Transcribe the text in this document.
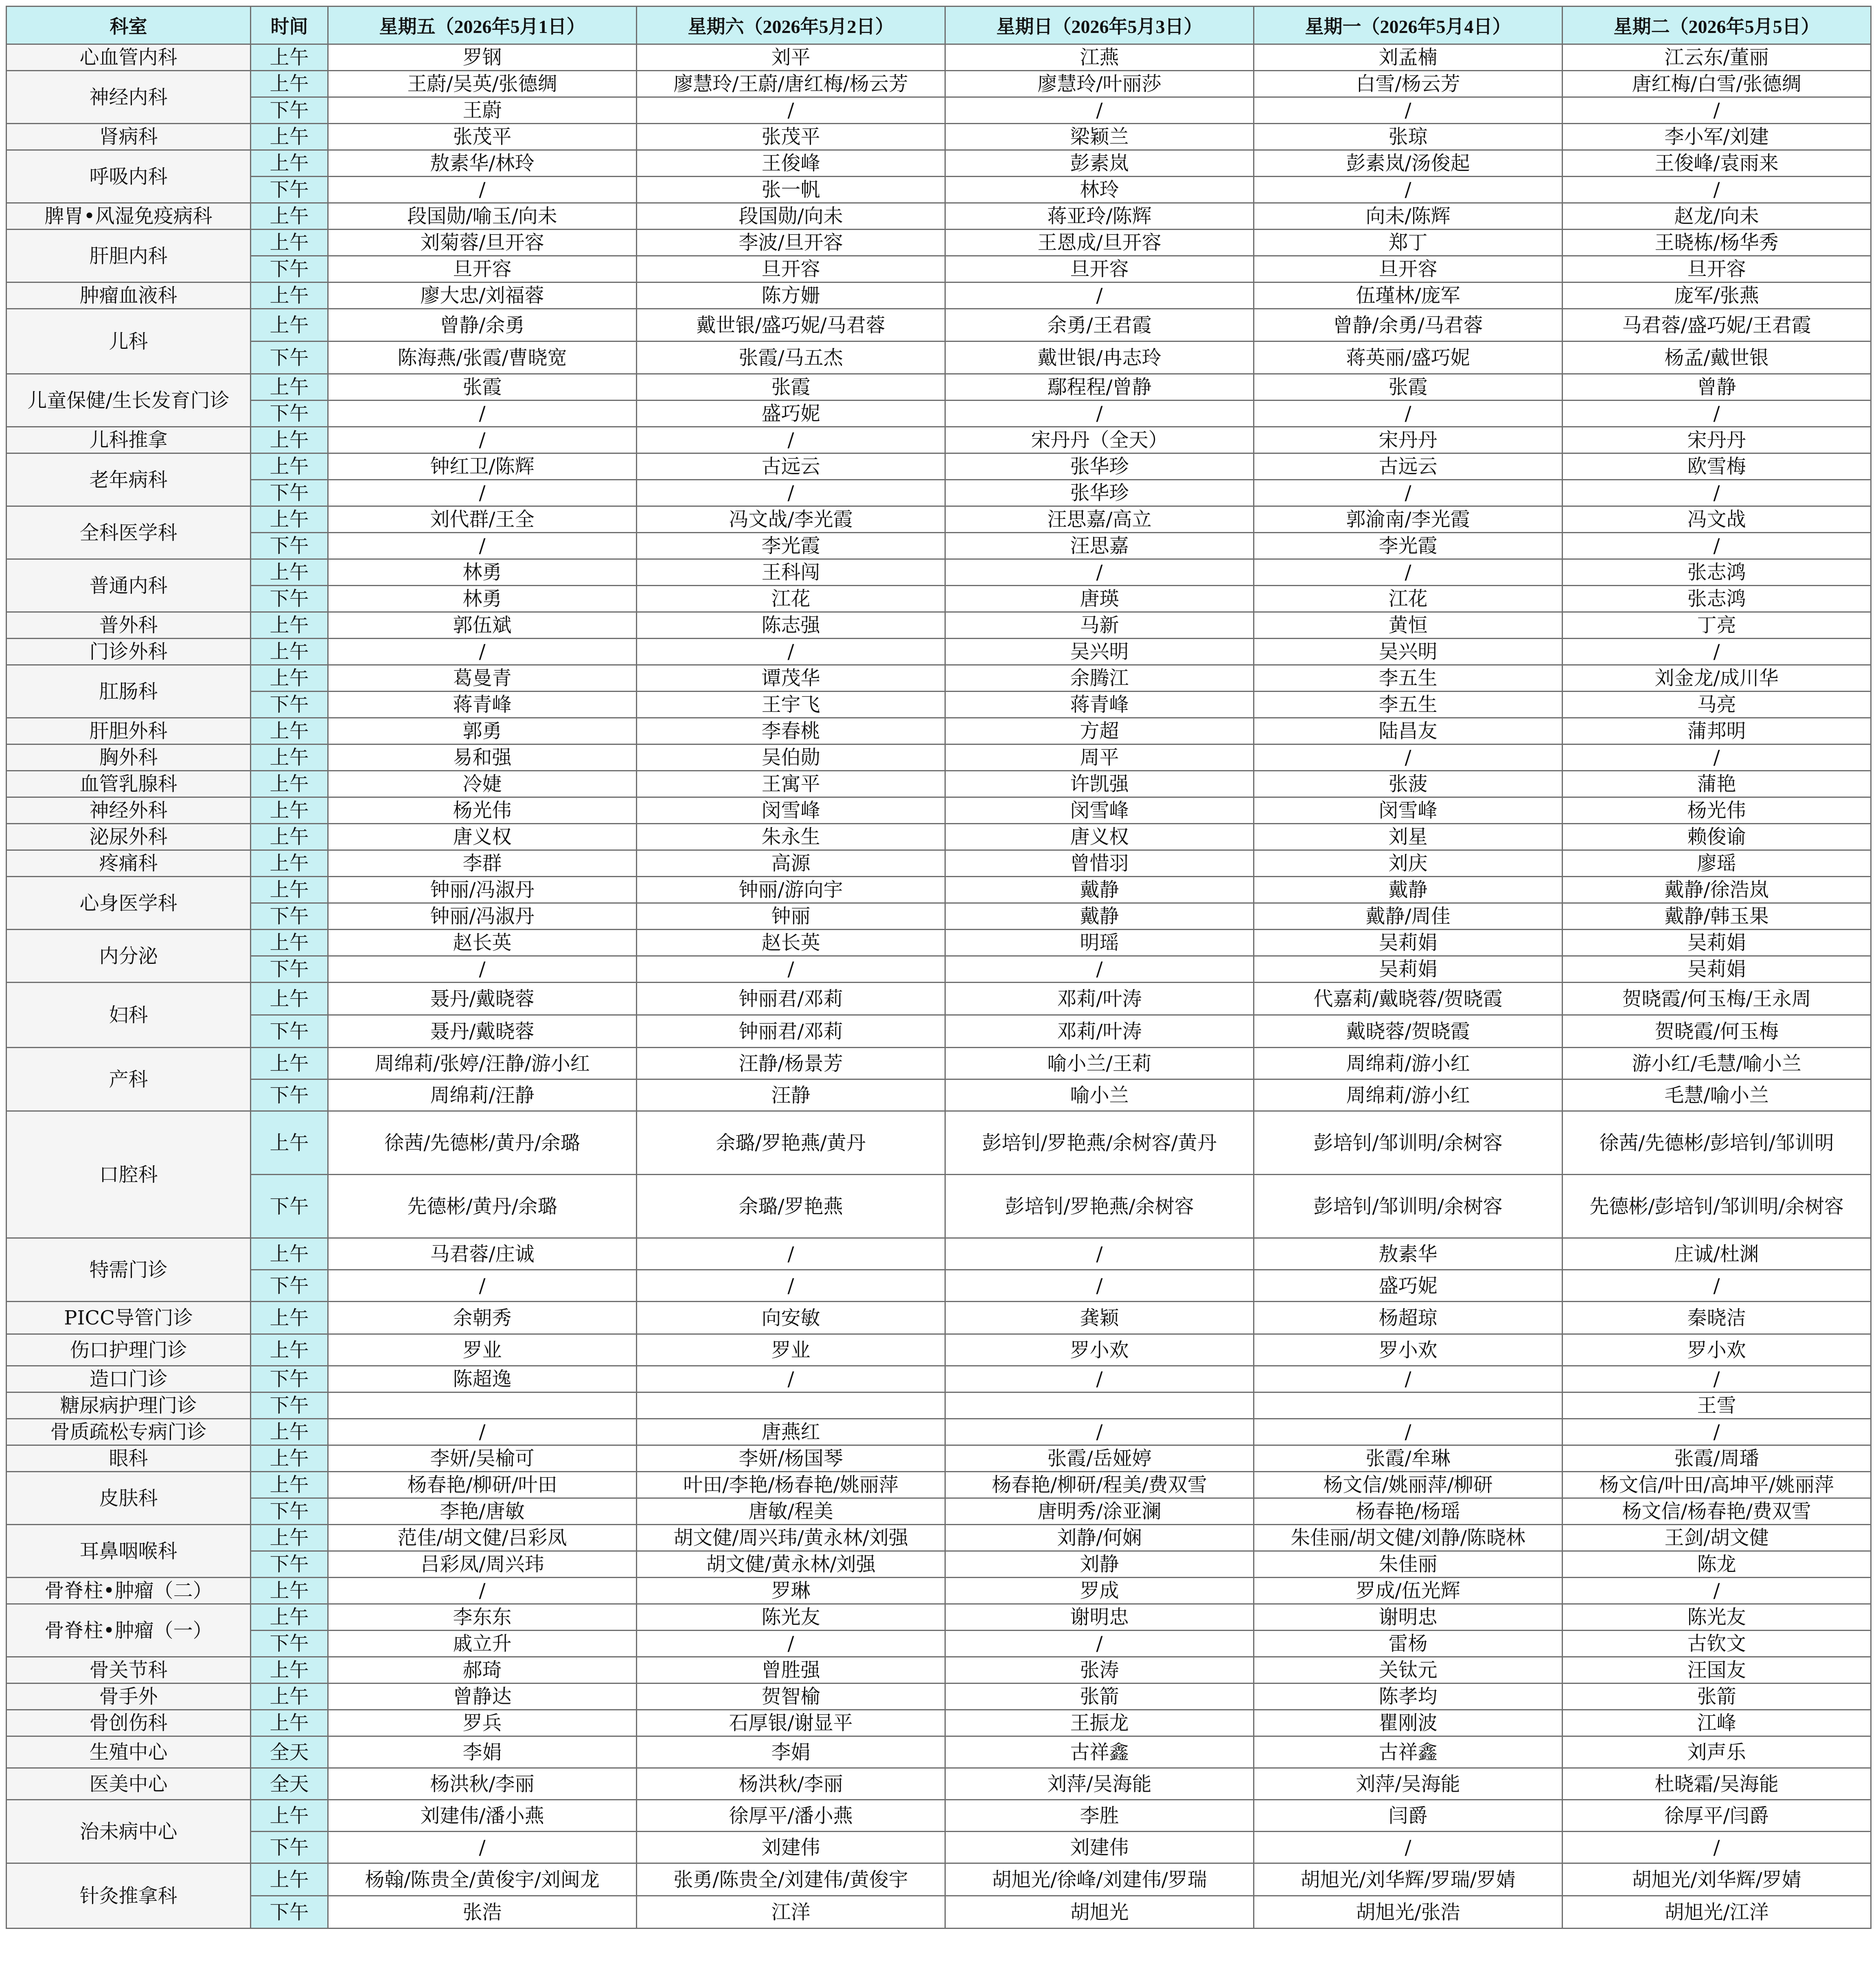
科室	时间	星期五（2026年5月1日）	星期六（2026年5月2日）	星期日（2026年5月3日）	星期一（2026年5月4日）	星期二（2026年5月5日）
心血管内科	上午	罗钢	刘平	江燕	刘孟楠	江云东/董丽
神经内科	上午	王蔚/吴英/张德绸	廖慧玲/王蔚/唐红梅/杨云芳	廖慧玲/叶丽莎	白雪/杨云芳	唐红梅/白雪/张德绸
	下午	王蔚	/	/	/	/
肾病科	上午	张茂平	张茂平	梁颖兰	张琼	李小军/刘建
呼吸内科	上午	敖素华/林玲	王俊峰	彭素岚	彭素岚/汤俊起	王俊峰/袁雨来
	下午	/	张一帆	林玲	/	/
脾胃•风湿免疫病科	上午	段国勋/喻玉/向未	段国勋/向未	蒋亚玲/陈辉	向未/陈辉	赵龙/向未
肝胆内科	上午	刘菊蓉/旦开容	李波/旦开容	王恩成/旦开容	郑丁	王晓栋/杨华秀
	下午	旦开容	旦开容	旦开容	旦开容	旦开容
肿瘤血液科	上午	廖大忠/刘福蓉	陈方姗	/	伍瑾林/庞军	庞军/张燕
儿科	上午	曾静/余勇	戴世银/盛巧妮/马君蓉	余勇/王君霞	曾静/余勇/马君蓉	马君蓉/盛巧妮/王君霞
	下午	陈海燕/张霞/曹晓宽	张霞/马五杰	戴世银/冉志玲	蒋英丽/盛巧妮	杨孟/戴世银
儿童保健/生长发育门诊	上午	张霞	张霞	鄢程程/曾静	张霞	曾静
	下午	/	盛巧妮	/	/	/
儿科推拿	上午	/	/	宋丹丹（全天）	宋丹丹	宋丹丹
老年病科	上午	钟红卫/陈辉	古远云	张华珍	古远云	欧雪梅
	下午	/	/	张华珍	/	/
全科医学科	上午	刘代群/王全	冯文战/李光霞	汪思嘉/高立	郭渝南/李光霞	冯文战
	下午	/	李光霞	汪思嘉	李光霞	/
普通内科	上午	林勇	王科闯	/	/	张志鸿
	下午	林勇	江花	唐瑛	江花	张志鸿
普外科	上午	郭伍斌	陈志强	马新	黄恒	丁亮
门诊外科	上午	/	/	吴兴明	吴兴明	/
肛肠科	上午	葛曼青	谭茂华	余腾江	李五生	刘金龙/成川华
	下午	蒋青峰	王宇飞	蒋青峰	李五生	马亮
肝胆外科	上午	郭勇	李春桃	方超	陆昌友	蒲邦明
胸外科	上午	易和强	吴伯勋	周平	/	/
血管乳腺科	上午	冷婕	王寓平	许凯强	张菠	蒲艳
神经外科	上午	杨光伟	闵雪峰	闵雪峰	闵雪峰	杨光伟
泌尿外科	上午	唐义权	朱永生	唐义权	刘星	赖俊谕
疼痛科	上午	李群	高源	曾惜羽	刘庆	廖瑶
心身医学科	上午	钟丽/冯淑丹	钟丽/游向宇	戴静	戴静	戴静/徐浩岚
	下午	钟丽/冯淑丹	钟丽	戴静	戴静/周佳	戴静/韩玉果
内分泌	上午	赵长英	赵长英	明瑶	吴莉娟	吴莉娟
	下午	/	/	/	吴莉娟	吴莉娟
妇科	上午	聂丹/戴晓蓉	钟丽君/邓莉	邓莉/叶涛	代嘉莉/戴晓蓉/贺晓霞	贺晓霞/何玉梅/王永周
	下午	聂丹/戴晓蓉	钟丽君/邓莉	邓莉/叶涛	戴晓蓉/贺晓霞	贺晓霞/何玉梅
产科	上午	周绵莉/张婷/汪静/游小红	汪静/杨景芳	喻小兰/王莉	周绵莉/游小红	游小红/毛慧/喻小兰
	下午	周绵莉/汪静	汪静	喻小兰	周绵莉/游小红	毛慧/喻小兰
口腔科	上午	徐茜/先德彬/黄丹/余璐	余璐/罗艳燕/黄丹	彭培钊/罗艳燕/余树容/黄丹	彭培钊/邹训明/余树容	徐茜/先德彬/彭培钊/邹训明
	下午	先德彬/黄丹/余璐	余璐/罗艳燕	彭培钊/罗艳燕/余树容	彭培钊/邹训明/余树容	先德彬/彭培钊/邹训明/余树容
特需门诊	上午	马君蓉/庄诚	/	/	敖素华	庄诚/杜渊
	下午	/	/	/	盛巧妮	/
PICC导管门诊	上午	余朝秀	向安敏	龚颖	杨超琼	秦晓洁
伤口护理门诊	上午	罗业	罗业	罗小欢	罗小欢	罗小欢
造口门诊	下午	陈超逸	/	/	/	/
糖尿病护理门诊	下午					王雪
骨质疏松专病门诊	上午	/	唐燕红	/	/	/
眼科	上午	李妍/吴榆可	李妍/杨国琴	张霞/岳娅婷	张霞/牟琳	张霞/周璠
皮肤科	上午	杨春艳/柳研/叶田	叶田/李艳/杨春艳/姚丽萍	杨春艳/柳研/程美/费双雪	杨文信/姚丽萍/柳研	杨文信/叶田/高坤平/姚丽萍
	下午	李艳/唐敏	唐敏/程美	唐明秀/涂亚澜	杨春艳/杨瑶	杨文信/杨春艳/费双雪
耳鼻咽喉科	上午	范佳/胡文健/吕彩凤	胡文健/周兴玮/黄永林/刘强	刘静/何娴	朱佳丽/胡文健/刘静/陈晓林	王剑/胡文健
	下午	吕彩凤/周兴玮	胡文健/黄永林/刘强	刘静	朱佳丽	陈龙
骨脊柱•肿瘤（二）	上午	/	罗琳	罗成	罗成/伍光辉	/
骨脊柱•肿瘤（一）	上午	李东东	陈光友	谢明忠	谢明忠	陈光友
	下午	戚立升	/	/	雷杨	古钦文
骨关节科	上午	郝琦	曾胜强	张涛	关钛元	汪国友
骨手外	上午	曾静达	贺智榆	张箭	陈孝均	张箭
骨创伤科	上午	罗兵	石厚银/谢显平	王振龙	瞿刚波	江峰
生殖中心	全天	李娟	李娟	古祥鑫	古祥鑫	刘声乐
医美中心	全天	杨洪秋/李丽	杨洪秋/李丽	刘萍/吴海能	刘萍/吴海能	杜晓霜/吴海能
治未病中心	上午	刘建伟/潘小燕	徐厚平/潘小燕	李胜	闫爵	徐厚平/闫爵
	下午	/	刘建伟	刘建伟	/	/
针灸推拿科	上午	杨翰/陈贵全/黄俊宇/刘闽龙	张勇/陈贵全/刘建伟/黄俊宇	胡旭光/徐峰/刘建伟/罗瑞	胡旭光/刘华辉/罗瑞/罗婧	胡旭光/刘华辉/罗婧
	下午	张浩	江洋	胡旭光	胡旭光/张浩	胡旭光/江洋
